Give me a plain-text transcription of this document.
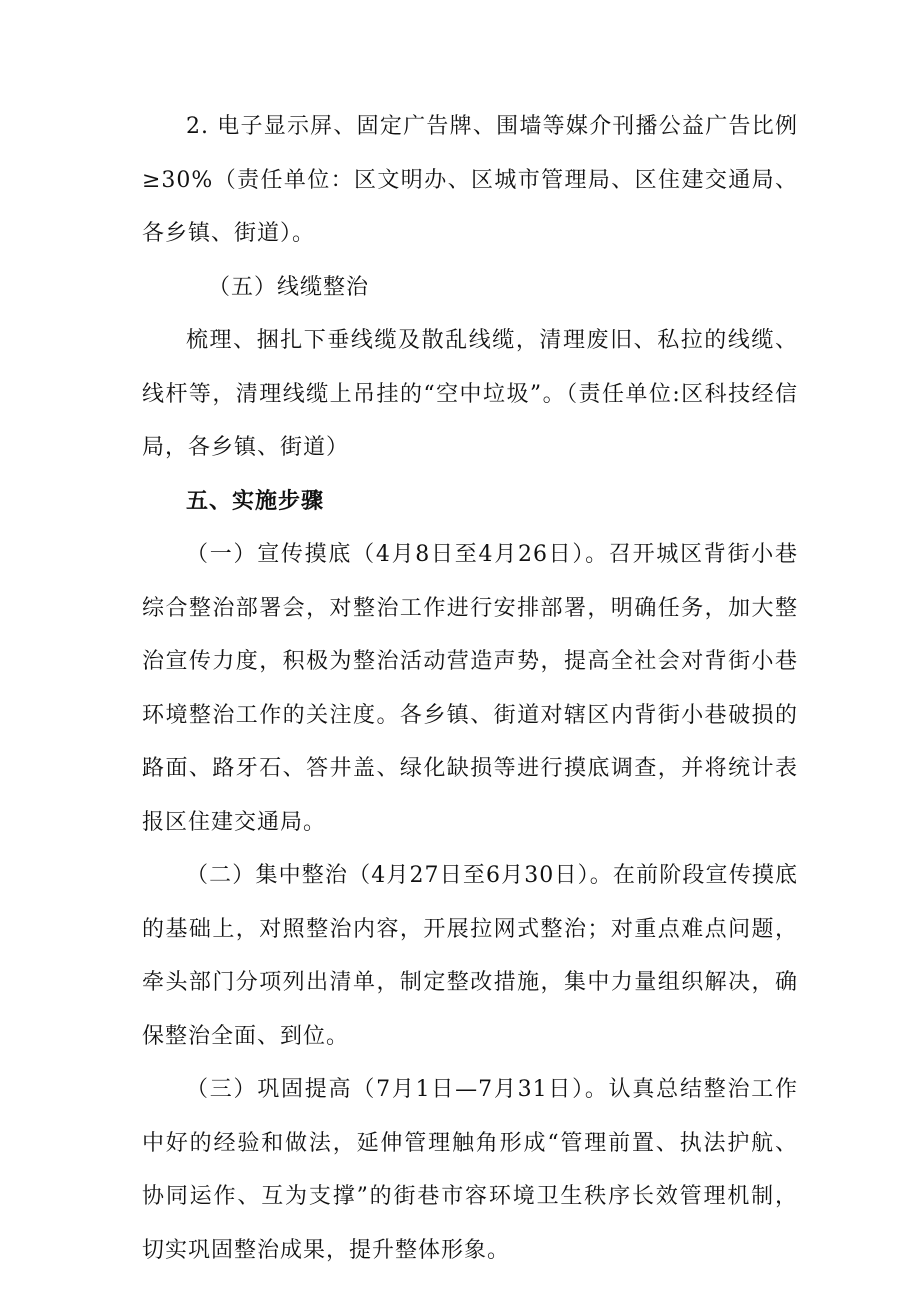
2. 电子显示屏、固定广告牌、围墙等媒介刊播公益广告比例≥30%（责任单位：区文明办、区城市管理局、区住建交通局、各乡镇、街道）。

（五）线缆整治

梳理、捆扎下垂线缆及散乱线缆，清理废旧、私拉的线缆、线杆等，清理线缆上吊挂的“空中垃圾”。（责任单位:区科技经信局，各乡镇、街道）

五、实施步骤

（一）宣传摸底（4月8日至4月26日）。召开城区背街小巷综合整治部署会，对整治工作进行安排部署，明确任务，加大整治宣传力度，积极为整治活动营造声势，提高全社会对背街小巷环境整治工作的关注度。各乡镇、街道对辖区内背街小巷破损的路面、路牙石、答井盖、绿化缺损等进行摸底调查，并将统计表报区住建交通局。

（二）集中整治（4月27日至6月30日）。在前阶段宣传摸底的基础上，对照整治内容，开展拉网式整治；对重点难点问题，牵头部门分项列出清单，制定整改措施，集中力量组织解决，确保整治全面、到位。

（三）巩固提高（7月1日—7月31日）。认真总结整治工作中好的经验和做法，延伸管理触角形成“管理前置、执法护航、协同运作、互为支撑”的街巷市容环境卫生秩序长效管理机制，切实巩固整治成果，提升整体形象。
